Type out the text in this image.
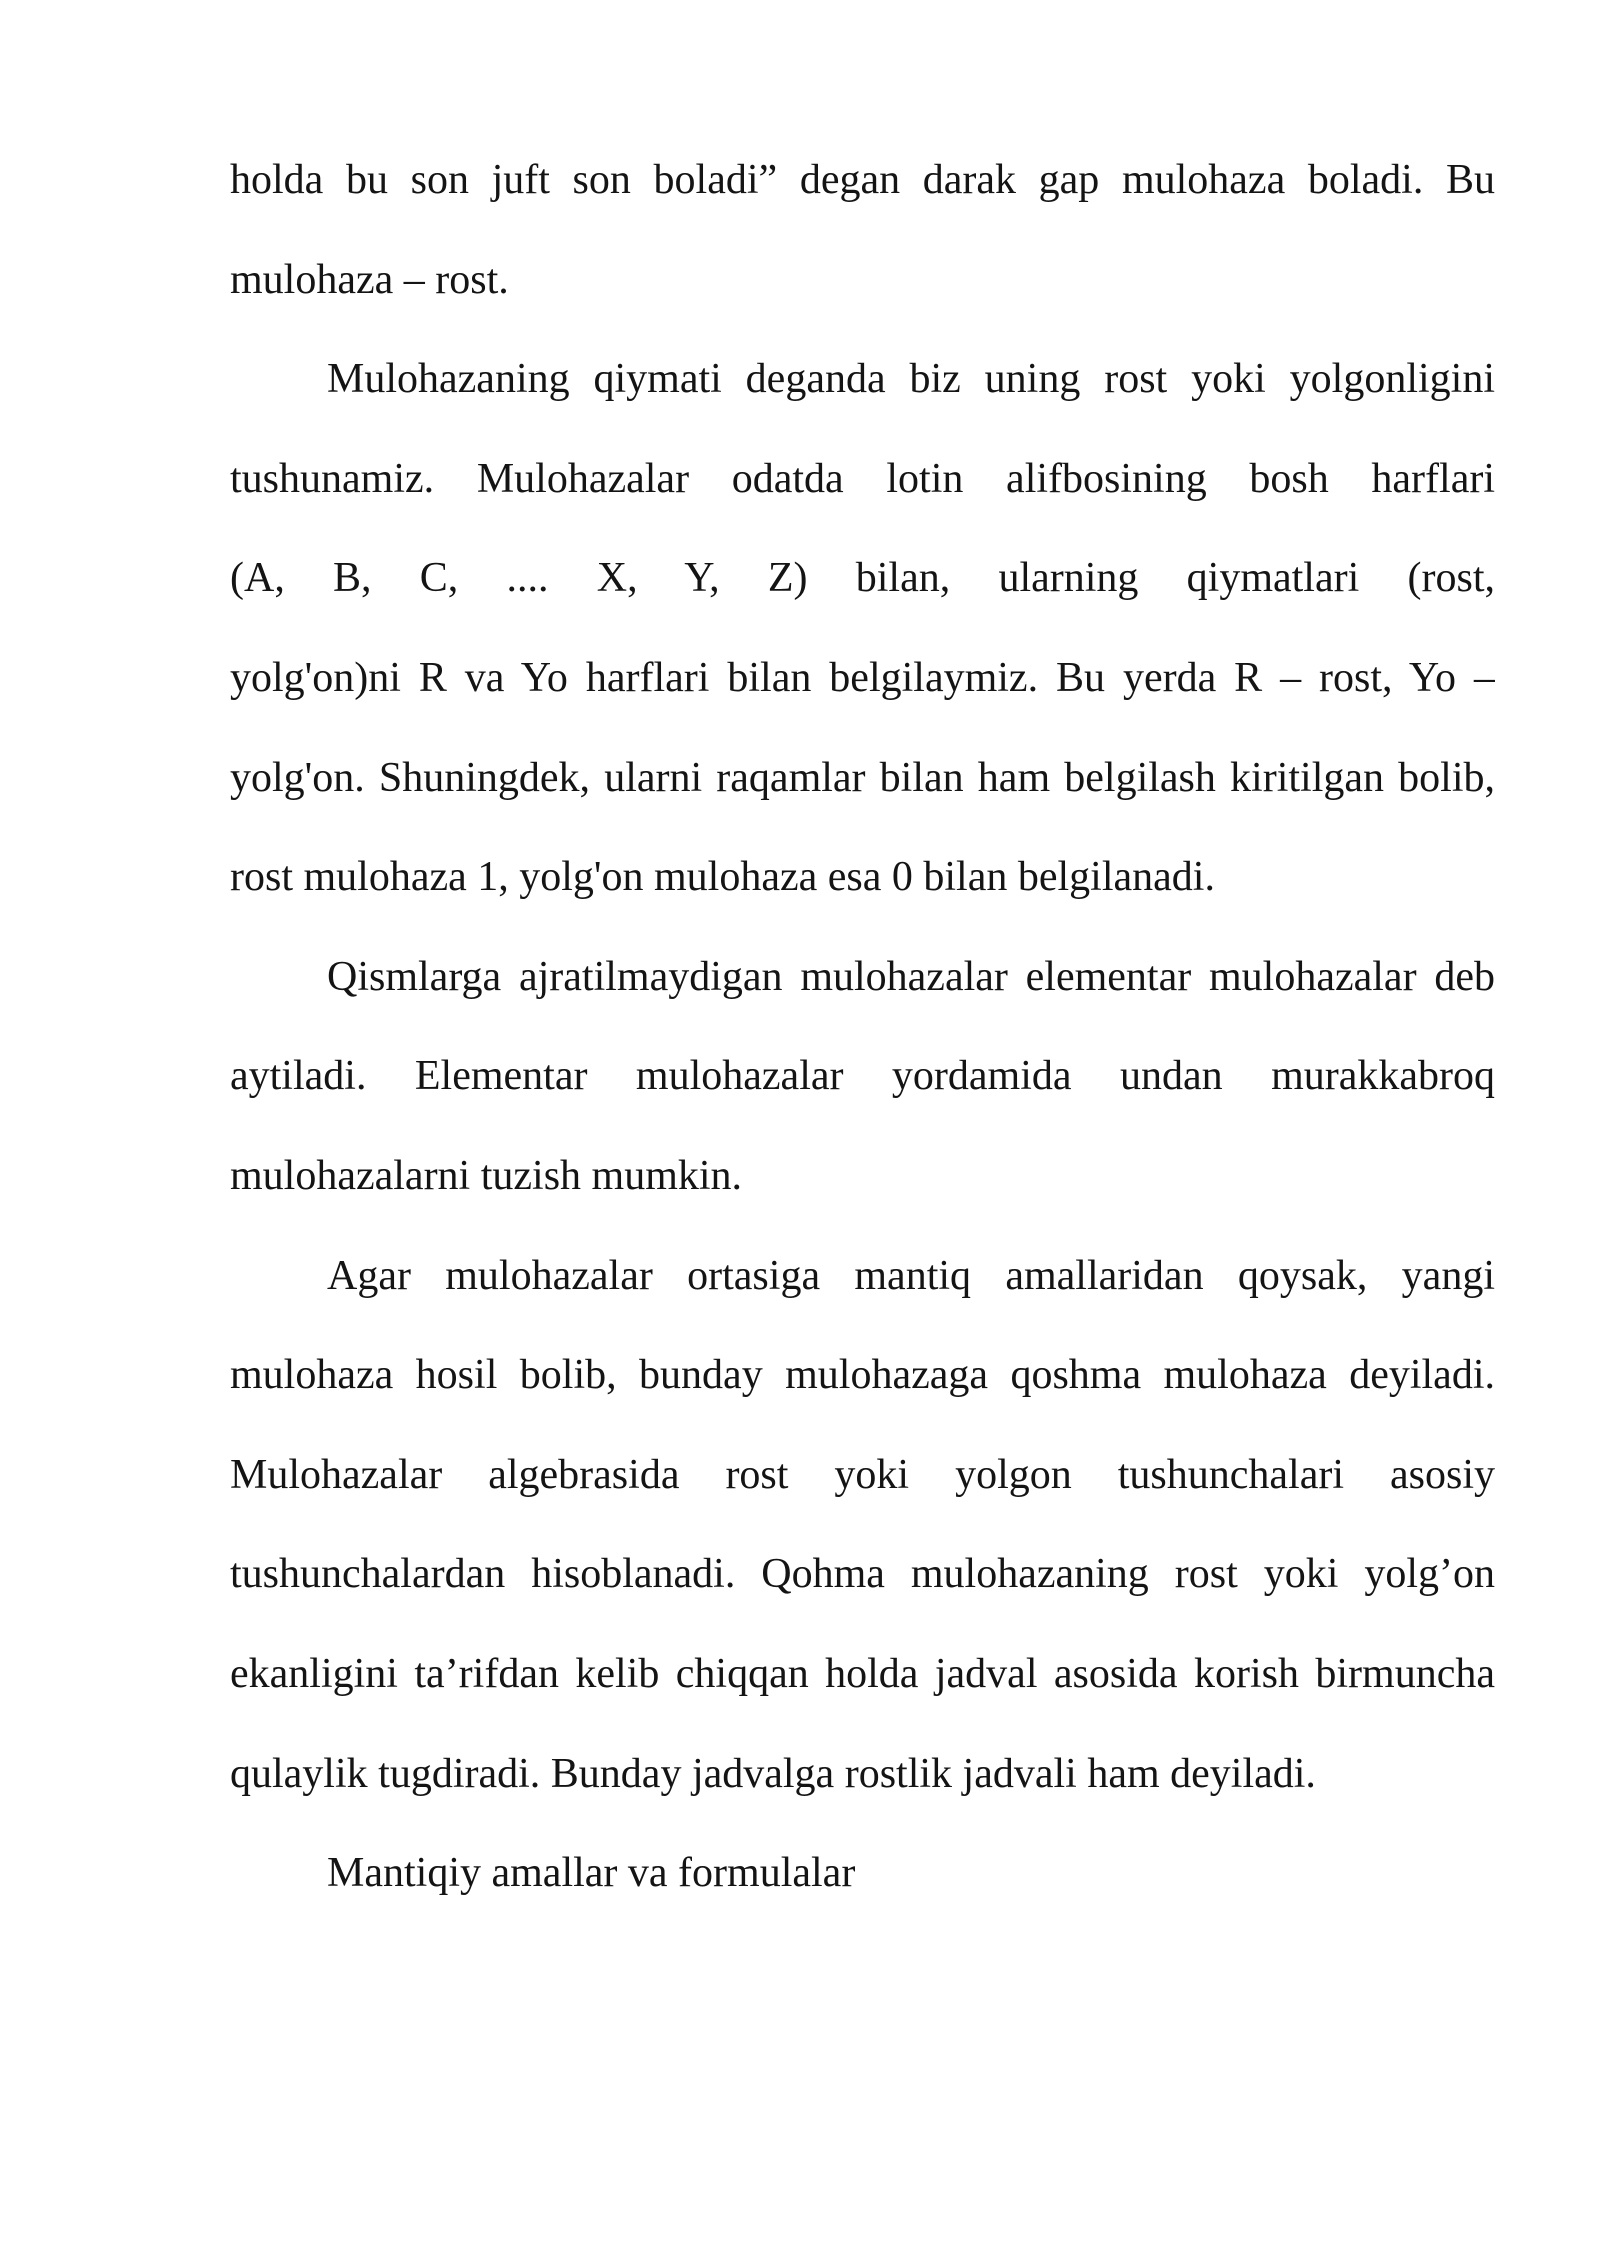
holda bu son juft son boladi” degan darak gap mulohaza boladi. Bu
mulohaza – rost.
Mulohazaning qiymati deganda biz uning rost yoki yolgonligini
tushunamiz. Mulohazalar odatda lotin alifbosining bosh harflari
(A, B, C, .... X, Y, Z) bilan, ularning qiymatlari (rost,
yolg'on)ni R va Yo harflari bilan belgilaymiz. Bu yerda R – rost, Yo –
yolg'on. Shuningdek, ularni raqamlar bilan ham belgilash kiritilgan bolib,
rost mulohaza 1, yolg'on mulohaza esa 0 bilan belgilanadi.
Qismlarga ajratilmaydigan mulohazalar elementar mulohazalar deb
aytiladi. Elementar mulohazalar yordamida undan murakkabroq
mulohazalarni tuzish mumkin.
Agar mulohazalar ortasiga mantiq amallaridan qoysak, yangi
mulohaza hosil bolib, bunday mulohazaga qoshma mulohaza deyiladi.
Mulohazalar algebrasida rost yoki yolgon tushunchalari asosiy
tushunchalardan hisoblanadi. Qohma mulohazaning rost yoki yolg’on
ekanligini ta’rifdan kelib chiqqan holda jadval asosida korish birmuncha
qulaylik tugdiradi. Bunday jadvalga rostlik jadvali ham deyiladi.
Mantiqiy amallar va formulalar
